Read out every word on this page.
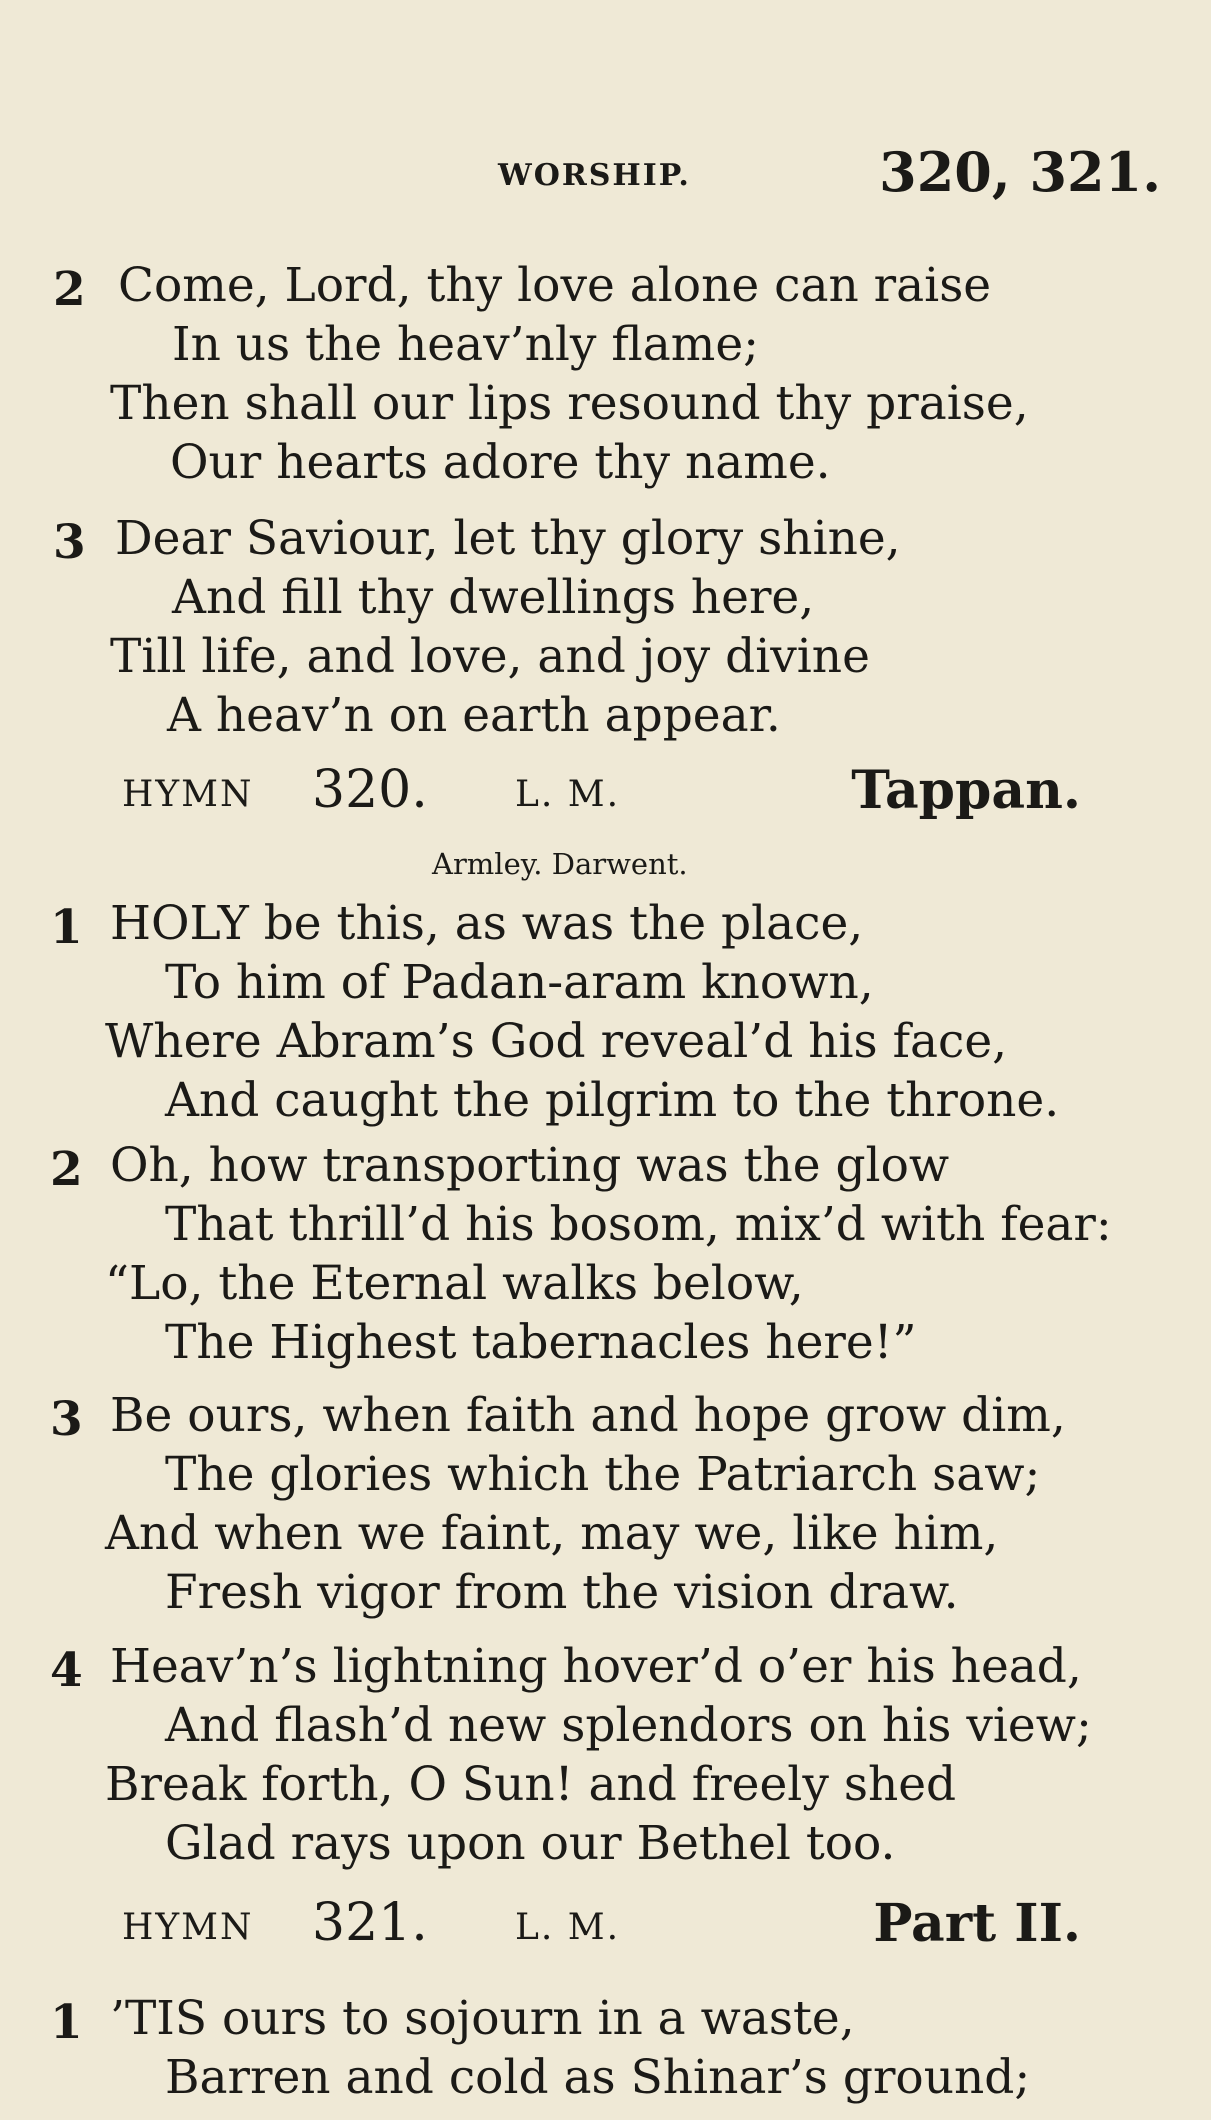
WORSHIP.	320, 321.
2 Come, Lord, thy love alone can raise
In us the heav’nly flame;
Then shall our lips resound thy praise,
Our hearts adore thy name.
3 Dear Saviour, let thy glory shine,
And fill thy dwellings here,
Till life, and love, and joy divine
A heav’n on earth appear.
HYMN 320. L. M.	Tappan.
Armley. Darwent.
1 HOLY be this, as was the place,
To him of Padan-aram known,
Where Abram’s God reveal’d his face,
And caught the pilgrim to the throne.
2 Oh, how transporting was the glow
That thrill’d his bosom, mix’d with fear:
“Lo, the Eternal walks below,
The Highest tabernacles here!”
3 Be ours, when faith and hope grow dim,
The glories which the Patriarch saw;
And when we faint, may we, like him,
Fresh vigor from the vision draw.
4 Heav’n’s lightning hover’d o’er his head,
And flash’d new splendors on his view;
Break forth, O Sun! and freely shed
Glad rays upon our Bethel too.
HYMN 321. L. M.	Part II.
1 ’TIS ours to sojourn in a waste,
Barren and cold as Shinar’s ground;
